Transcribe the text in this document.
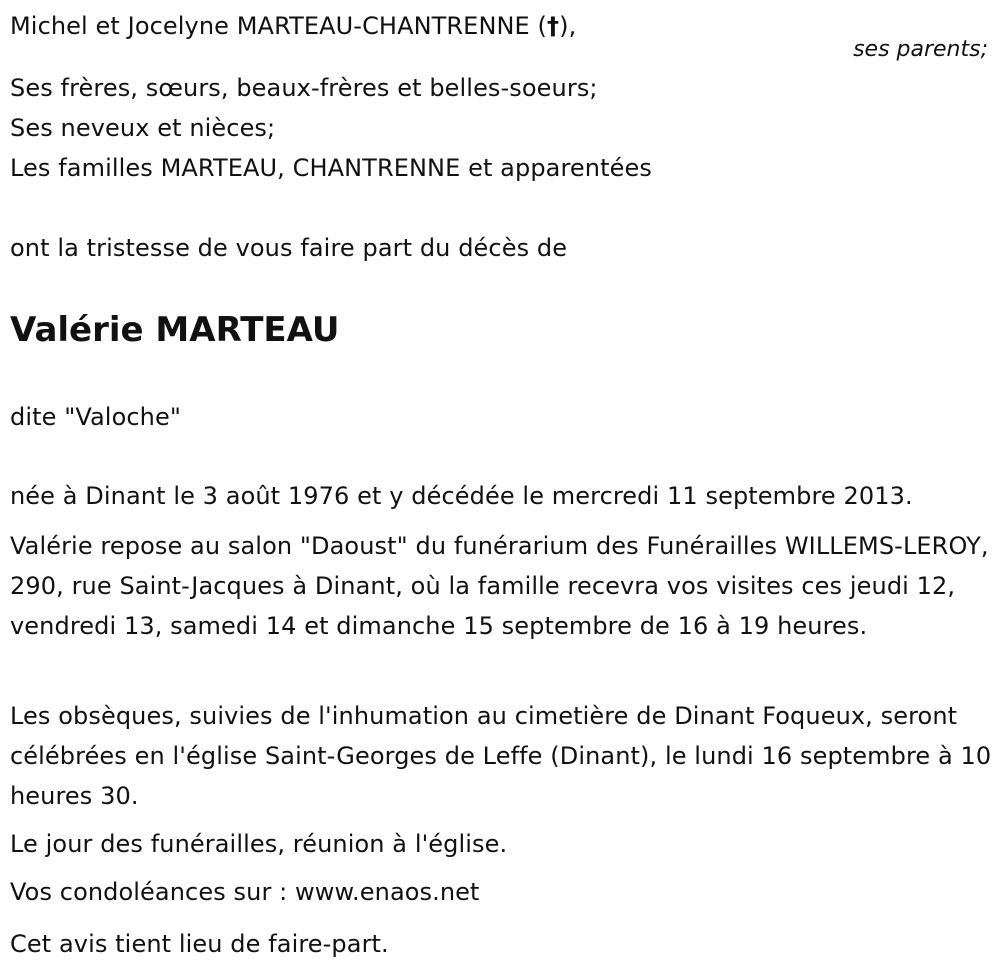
Michel et Jocelyne MARTEAU-CHANTRENNE (†),

ses parents;

Ses frères, sœurs, beaux-frères et belles-soeurs;

Ses neveux et nièces;

Les familles MARTEAU, CHANTRENNE et apparentées

ont la tristesse de vous faire part du décès de

Valérie MARTEAU

dite "Valoche"

née à Dinant le 3 août 1976 et y décédée le mercredi 11 septembre 2013.

Valérie repose au salon "Daoust" du funérarium des Funérailles WILLEMS-LEROY, 290, rue Saint-Jacques à Dinant, où la famille recevra vos visites ces jeudi 12, vendredi 13, samedi 14 et dimanche 15 septembre de 16 à 19 heures.

Les obsèques, suivies de l'inhumation au cimetière de Dinant Foqueux, seront célébrées en l'église Saint-Georges de Leffe (Dinant), le lundi 16 septembre à 10 heures 30.

Le jour des funérailles, réunion à l'église.

Vos condoléances sur : www.enaos.net

Cet avis tient lieu de faire-part.
